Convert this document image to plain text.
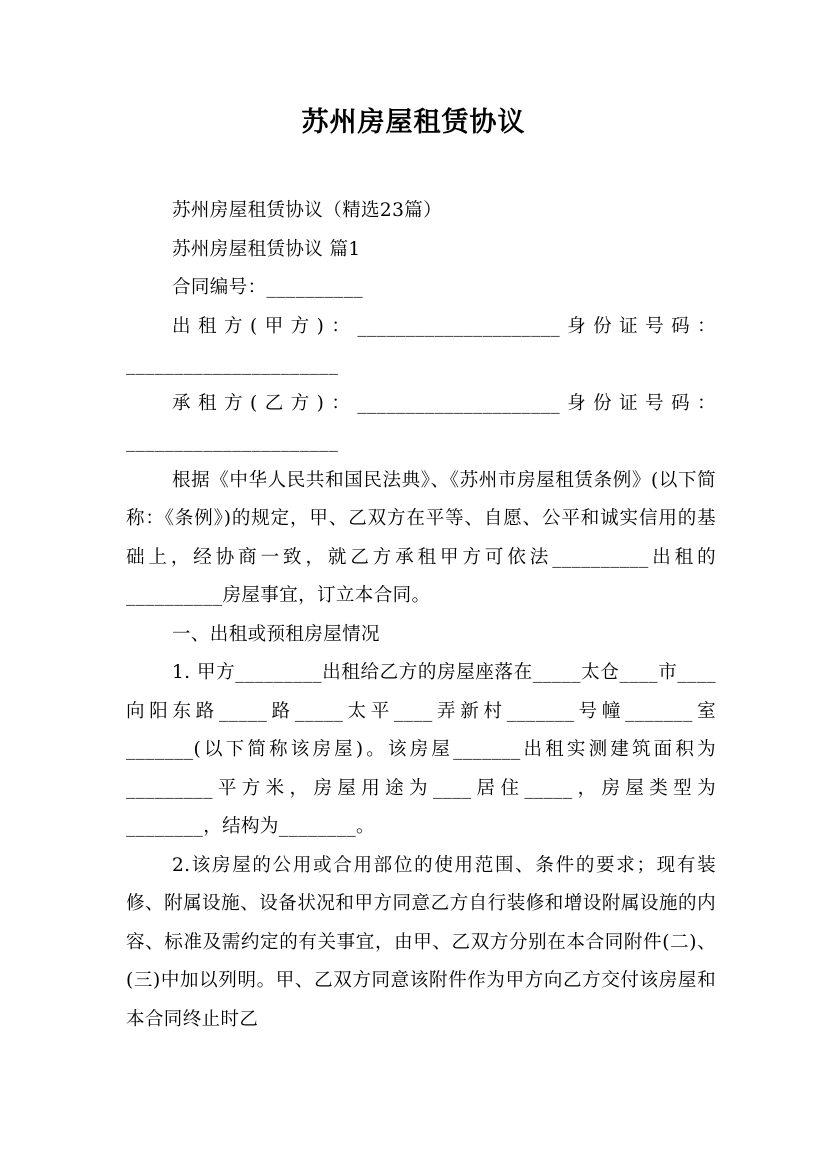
苏州房屋租赁协议

苏州房屋租赁协议（精选23篇）

苏州房屋租赁协议 篇1

合同编号：__________

出租方(甲方)：_____________________身份证号码：______________________

承租方(乙方)：_____________________身份证号码：______________________

根据《中华人民共和国民法典》、《苏州市房屋租赁条例》(以下简称：《条例》)的规定，甲、乙双方在平等、自愿、公平和诚实信用的基础上，经协商一致，就乙方承租甲方可依法__________出租的__________房屋事宜，订立本合同。

一、出租或预租房屋情况

1. 甲方_________出租给乙方的房屋座落在_____太仓____市____向阳东路_____路_____太平____弄新村_______号幢_______室_______(以下简称该房屋)。该房屋_______出租实测建筑面积为_________平方米，房屋用途为____居住_____，房屋类型为________，结构为________。

2.该房屋的公用或合用部位的使用范围、条件的要求；现有装修、附属设施、设备状况和甲方同意乙方自行装修和增设附属设施的内容、标准及需约定的有关事宜，由甲、乙双方分别在本合同附件(二)、(三)中加以列明。甲、乙双方同意该附件作为甲方向乙方交付该房屋和本合同终止时乙
